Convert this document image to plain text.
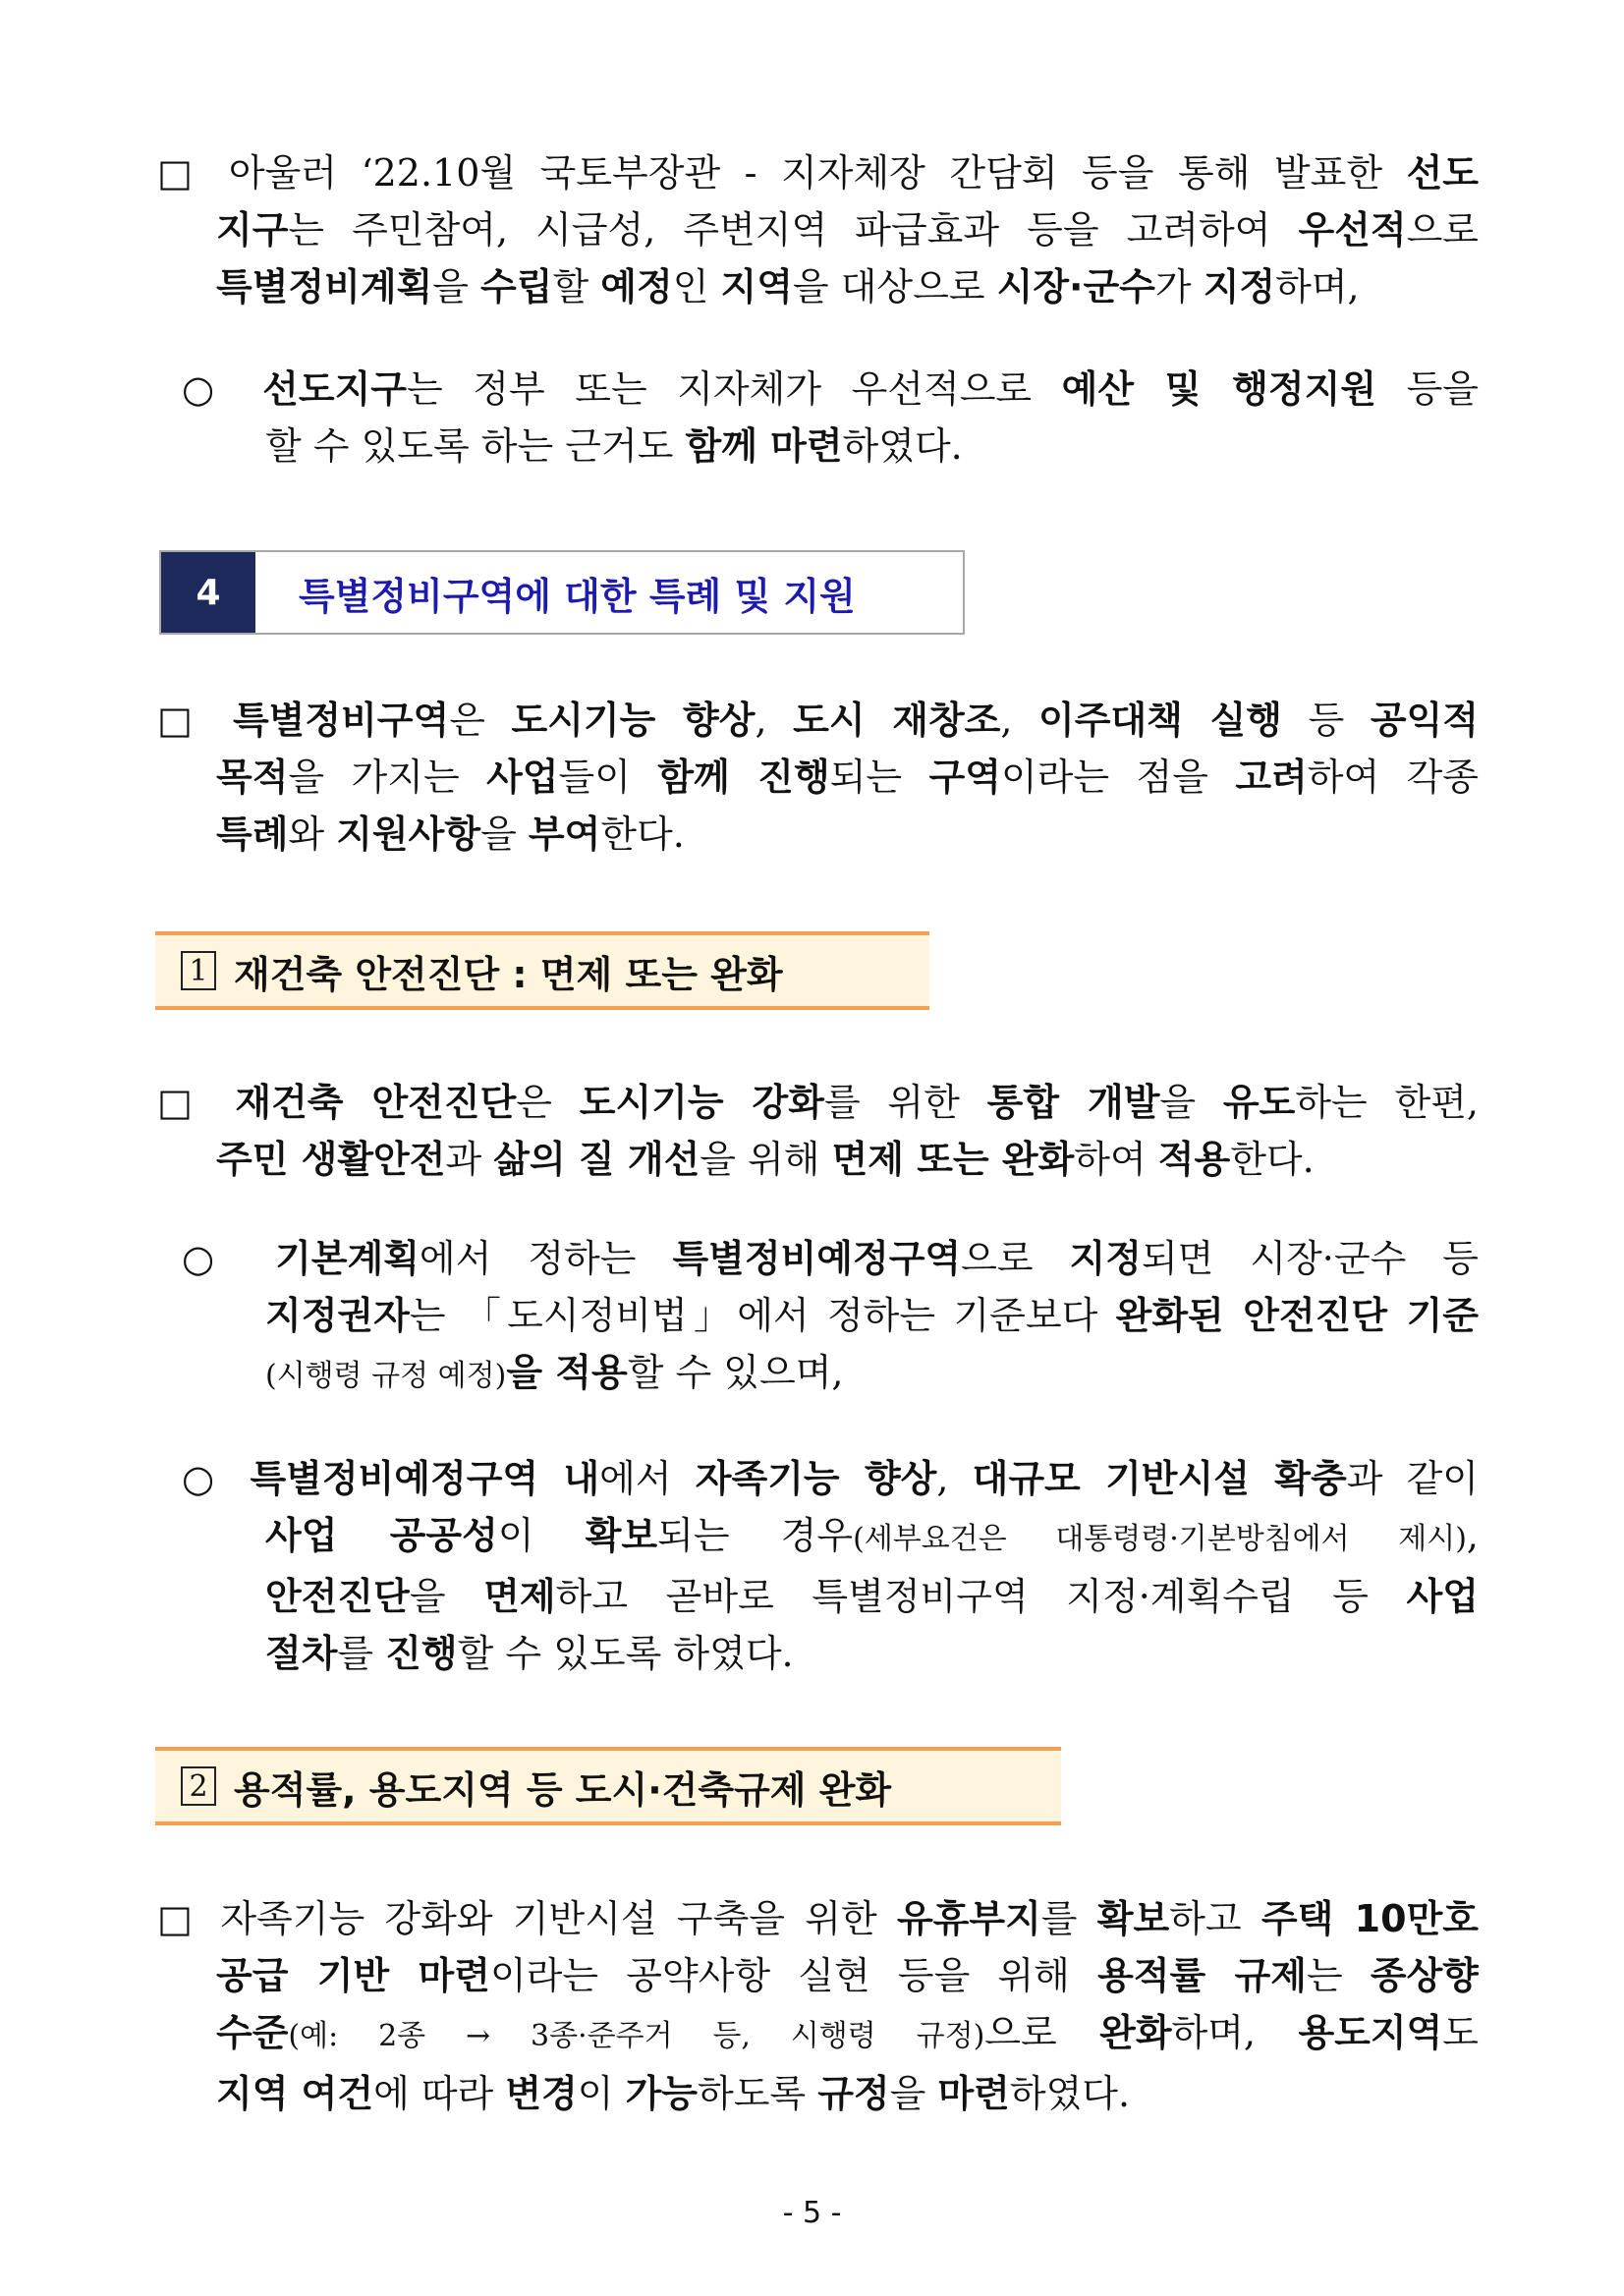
□ 아울러 ‘22.10월 국토부장관 - 지자체장 간담회 등을 통해 발표한 선도
지구는 주민참여, 시급성, 주변지역 파급효과 등을 고려하여 우선적으로
특별정비계획을 수립할 예정인 지역을 대상으로 시장·군수가 지정하며,
○ 선도지구는 정부 또는 지자체가 우선적으로 예산 및 행정지원 등을
할 수 있도록 하는 근거도 함께 마련하였다.
4	특별정비구역에 대한 특례 및 지원
□ 특별정비구역은 도시기능 향상, 도시 재창조, 이주대책 실행 등 공익적
목적을 가지는 사업들이 함께 진행되는 구역이라는 점을 고려하여 각종
특례와 지원사항을 부여한다.
1 재건축 안전진단 : 면제 또는 완화
□ 재건축 안전진단은 도시기능 강화를 위한 통합 개발을 유도하는 한편,
주민 생활안전과 삶의 질 개선을 위해 면제 또는 완화하여 적용한다.
○ 기본계획에서 정하는 특별정비예정구역으로 지정되면 시장·군수 등
지정권자는 「도시정비법」에서 정하는 기준보다 완화된 안전진단 기준
(시행령 규정 예정)을 적용할 수 있으며,
○ 특별정비예정구역 내에서 자족기능 향상, 대규모 기반시설 확충과 같이
사업 공공성이 확보되는 경우(세부요건은 대통령령·기본방침에서 제시),
안전진단을 면제하고 곧바로 특별정비구역 지정·계획수립 등 사업
절차를 진행할 수 있도록 하였다.
2 용적률, 용도지역 등 도시·건축규제 완화
□ 자족기능 강화와 기반시설 구축을 위한 유휴부지를 확보하고 주택 10만호
공급 기반 마련이라는 공약사항 실현 등을 위해 용적률 규제는 종상향
수준(예: 2종 → 3종·준주거 등, 시행령 규정)으로 완화하며, 용도지역도
지역 여건에 따라 변경이 가능하도록 규정을 마련하였다.
- 5 -
